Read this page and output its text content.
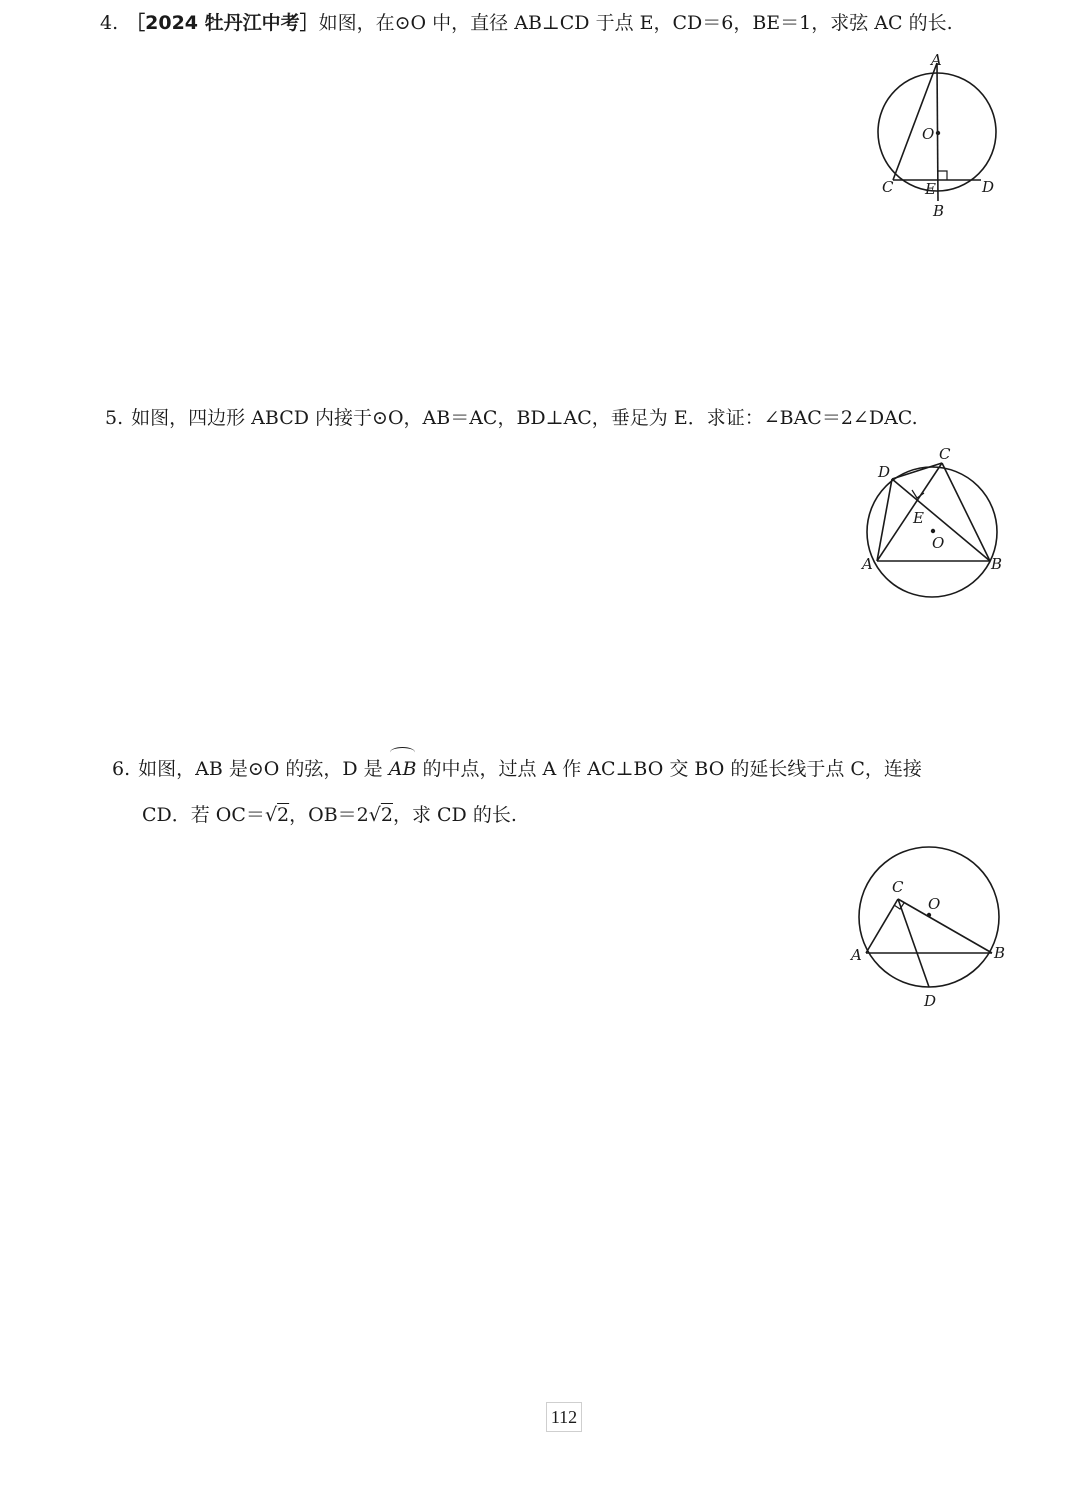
4. ［2024 牡丹江中考］如图，在⊙O 中，直径 AB⊥CD 于点 E，CD＝6，BE＝1，求弦 AC 的长.
A
O
C E	D
B
5. 如图，四边形 ABCD 内接于⊙O，AB＝AC，BD⊥AC，垂足为 E．求证：∠BAC＝2∠DAC.
D
C
E
O
A	B
6. 如图，AB 是⊙O 的弦，D 是 AB 的中点，过点 A 作 AC⊥BO 交 BO 的延长线于点 C，连接
CD．若 OC＝√2，OB＝2√2，求 CD 的长.
C
O
A	B
D
112
